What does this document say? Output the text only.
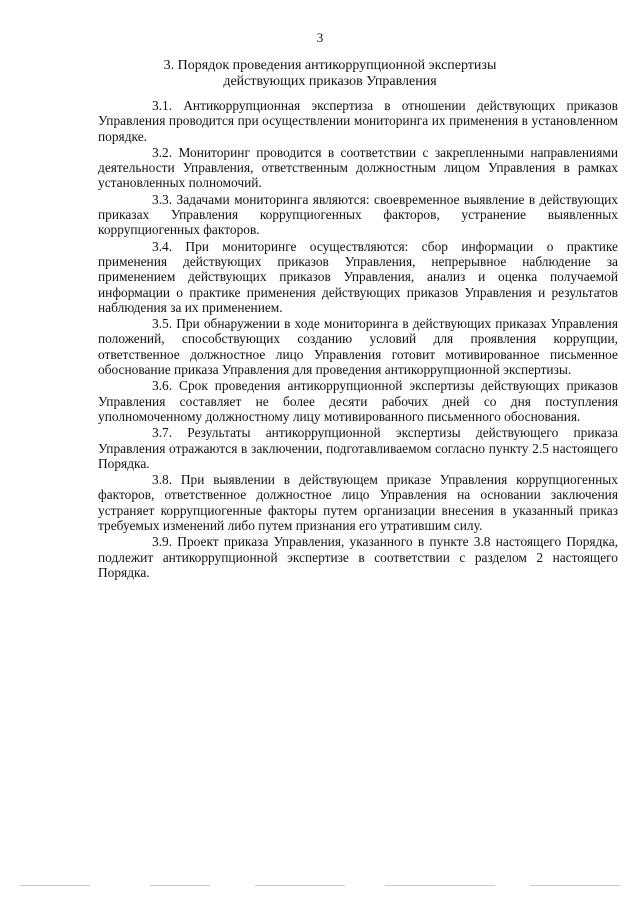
3
3. Порядок проведения антикоррупционной экспертизы
действующих приказов Управления

3.1. Антикоррупционная экспертиза в отношении действующих приказов Управления проводится при осуществлении мониторинга их применения в установленном порядке.

3.2. Мониторинг проводится в соответствии с закрепленными направлениями деятельности Управления, ответственным должностным лицом Управления в рамках установленных полномочий.

3.3. Задачами мониторинга являются: своевременное выявление в действующих приказах Управления коррупциогенных факторов, устранение выявленных коррупциогенных факторов.

3.4. При мониторинге осуществляются: сбор информации о практике применения действующих приказов Управления, непрерывное наблюдение за применением действующих приказов Управления, анализ и оценка получаемой информации о практике применения действующих приказов Управления и результатов наблюдения за их применением.

3.5. При обнаружении в ходе мониторинга в действующих приказах Управления положений, способствующих созданию условий для проявления коррупции, ответственное должностное лицо Управления готовит мотивированное письменное обоснование приказа Управления для проведения антикоррупционной экспертизы.

3.6. Срок проведения антикоррупционной экспертизы действующих приказов Управления составляет не более десяти рабочих дней со дня поступления уполномоченному должностному лицу мотивированного письменного обоснования.

3.7. Результаты антикоррупционной экспертизы действующего приказа Управления отражаются в заключении, подготавливаемом согласно пункту 2.5 настоящего Порядка.

3.8. При выявлении в действующем приказе Управления коррупциогенных факторов, ответственное должностное лицо Управления на основании заключения устраняет коррупциогенные факторы путем организации внесения в указанный приказ требуемых изменений либо путем признания его утратившим силу.

3.9. Проект приказа Управления, указанного в пункте 3.8 настоящего Порядка, подлежит антикоррупционной экспертизе в соответствии с разделом 2 настоящего Порядка.
